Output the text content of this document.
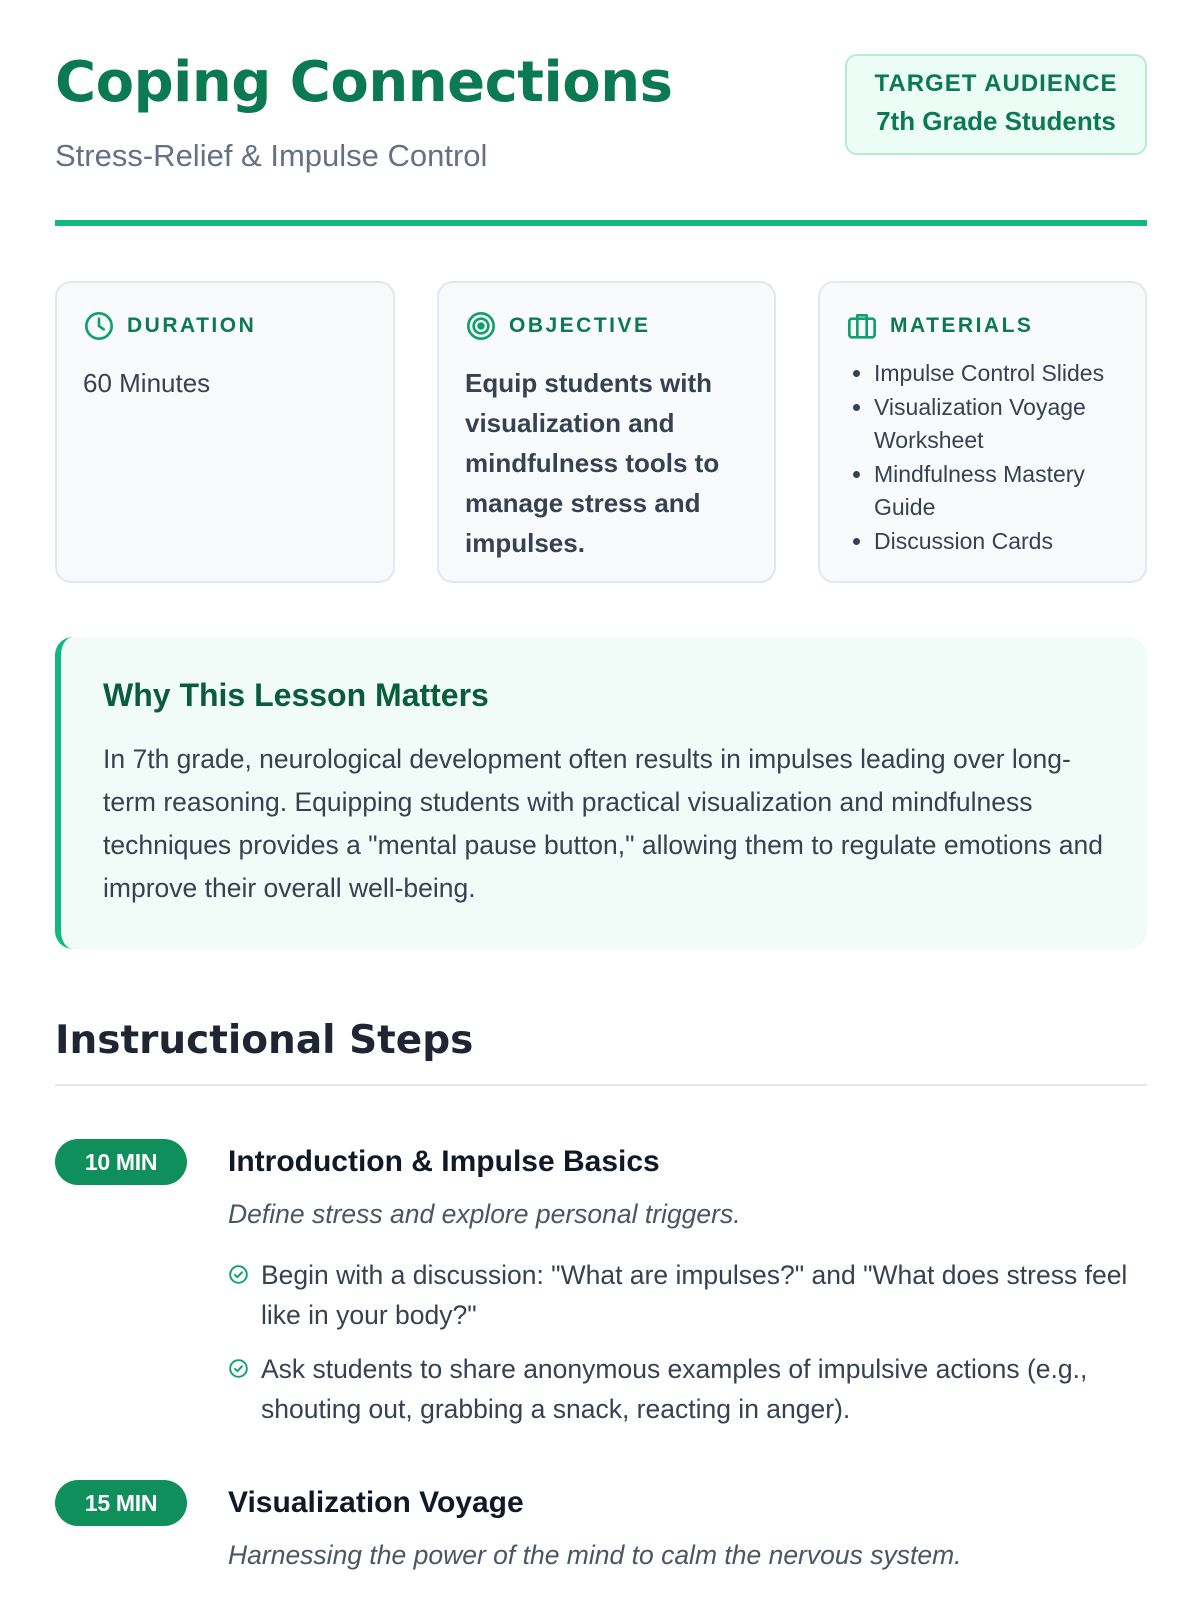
Coping Connections

Stress-Relief & Impulse Control

TARGET AUDIENCE
7th Grade Students
DURATION
60 Minutes
OBJECTIVE
Equip students with visualization and mindfulness tools to manage stress and impulses.
MATERIALS
• Impulse Control Slides
• Visualization Voyage Worksheet
• Mindfulness Mastery Guide
• Discussion Cards
Why This Lesson Matters

In 7th grade, neurological development often results in impulses leading over long-term reasoning. Equipping students with practical visualization and mindfulness techniques provides a "mental pause button," allowing them to regulate emotions and improve their overall well-being.

Instructional Steps
10 MIN	Introduction & Impulse Basics

Define stress and explore personal triggers.

Begin with a discussion: "What are impulses?" and "What does stress feel like in your body?"
Ask students to share anonymous examples of impulsive actions (e.g., shouting out, grabbing a snack, reacting in anger).
15 MIN	Visualization Voyage

Harnessing the power of the mind to calm the nervous system.
